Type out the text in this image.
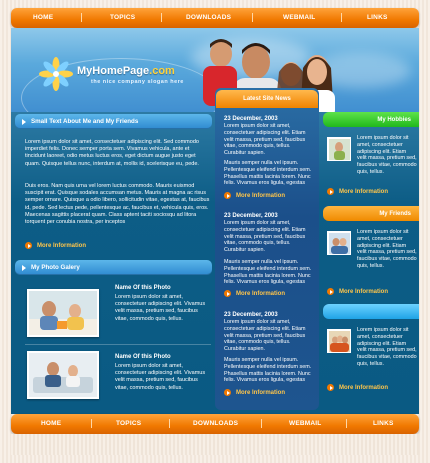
HOME	TOPICS	DOWNLOADS	WEBMAIL	LINKS
MyHomePage.com
the nice company slogan here
Small Text About Me and My Friends
Lorem ipsum dolor sit amet, consectetuer adipiscing elit. Sed commodo imperdiet felis. Donec semper porta sem. Vivamus vehicula, ante et tincidunt laoreet, odio metus luctus eros, eget dictum augue justo eget quam. Quisque tellus nunc, interdum at, mollis id, scelerisque eu, pede.
Duis eros. Nam quis urna vel lorem luctus commodo. Mauris euismod suscipit erat. Quisque sodales accumsan metus. Mauris at magna ac risus semper ornare. Quisque a odio libero, sollicitudin vitae, egestas at, faucibus id, pede. Sed lectus pede, pellentesque ac, faucibus et, vehicula quis, eros. Maecenas sagittis placerat quam. Class aptent taciti sociosqu ad litora torquent per conubia nostra, per inceptos
More Information
My Photo Galery
Name Of this Photo
Lorem ipsum dolor sit amet, consectetuer adipiscing elit. Vivamus velit massa, pretium sed, faucibus vitae, commodo quis, tellus.
Name Of this Photo
Lorem ipsum dolor sit amet, consectetuer adipiscing elit. Vivamus velit massa, pretium sed, faucibus vitae, commodo quis, tellus.
Latest Site News
23 December, 2003
Lorem ipsum dolor sit amet, consectetuer adipiscing elit. Etiam velit massa, pretium sed, faucibus vitae, commodo quis, tellus. Curabitur sapien.
Mauris semper nulla vel ipsum. Pellentesque eleifend interdum sem. Phasellus mattis lacinia lorem. Nunc felis. Vivamus eros ligula, egestas
More Information
23 December, 2003
Lorem ipsum dolor sit amet, consectetuer adipiscing elit. Etiam velit massa, pretium sed, faucibus vitae, commodo quis, tellus. Curabitur sapien.
Mauris semper nulla vel ipsum. Pellentesque eleifend interdum sem. Phasellus mattis lacinia lorem. Nunc felis. Vivamus eros ligula, egestas
More Information
23 December, 2003
Lorem ipsum dolor sit amet, consectetuer adipiscing elit. Etiam velit massa, pretium sed, faucibus vitae, commodo quis, tellus. Curabitur sapien.
Mauris semper nulla vel ipsum. Pellentesque eleifend interdum sem. Phasellus mattis lacinia lorem. Nunc felis. Vivamus eros ligula, egestas
More Information
My Hobbies
Lorem ipsum dolor sit amet, consectetuer adipiscing elit. Etiam velit massa, pretium sed, faucibus vitae, commodo quis, tellus.
More Information
My Friends
Lorem ipsum dolor sit amet, consectetuer adipiscing elit. Etiam velit massa, pretium sed, faucibus vitae, commodo quis, tellus.
More Information
Lorem ipsum dolor sit amet, consectetuer adipiscing elit. Etiam velit massa, pretium sed, faucibus vitae, commodo quis, tellus.
More Information
HOME	TOPICS	DOWNLOADS	WEBMAIL	LINKS
